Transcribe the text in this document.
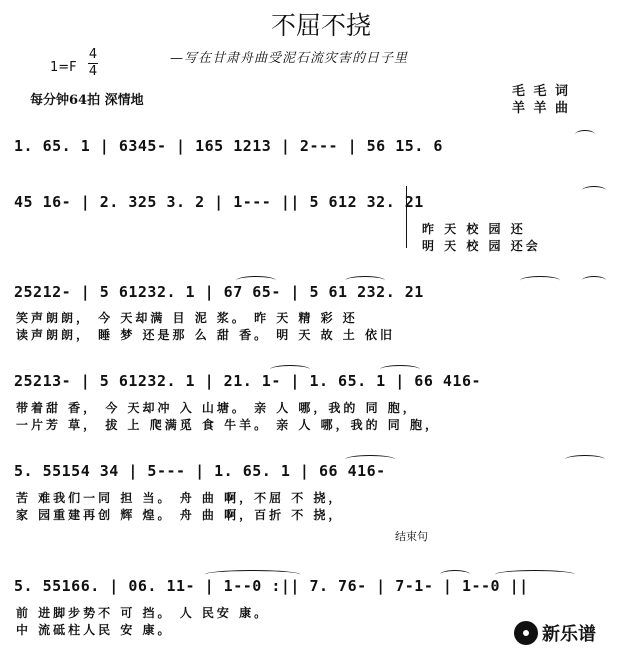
不屈不挠
—写在甘肃舟曲受泥石流灾害的日子里
1=F
4
4
每分钟64拍 深情地
毛 毛 词
羊 羊 曲
1. 65. 1 | 6345- | 165 1213 | 2--- | 56 15. 6
45 16- | 2. 325 3. 2 | 1--- || 5 612 32. 21
昨 天 校 园 还
明 天 校 园 还会
25212- | 5 61232. 1 | 67 65- | 5 61 232. 21
笑声朗朗， 今 天却满 目 泥 浆。 昨 天 精 彩 还
读声朗朗， 睡 梦 还是那 么 甜 香。 明 天 故 土 依旧
25213- | 5 61232. 1 | 21. 1- | 1. 65. 1 | 66 416-
带着甜 香， 今 天却冲 入 山塘。 亲 人 哪，我的 同 胞，
一片芳 草， 拔 上 爬满觅 食 牛羊。 亲 人 哪，我的 同 胞，
5. 55154 34 | 5--- | 1. 65. 1 | 66 416-
苦 难我们一同 担 当。 舟 曲 啊，不屈 不 挠，
家 园重建再创 辉 煌。 舟 曲 啊，百折 不 挠，
结束句
5. 55166. | 06. 11- | 1--0 :|| 7. 76- | 7-1- | 1--0 ||
前 进脚步势不 可 挡。 人 民安 康。
中 流砥柱人民 安 康。	新乐谱
